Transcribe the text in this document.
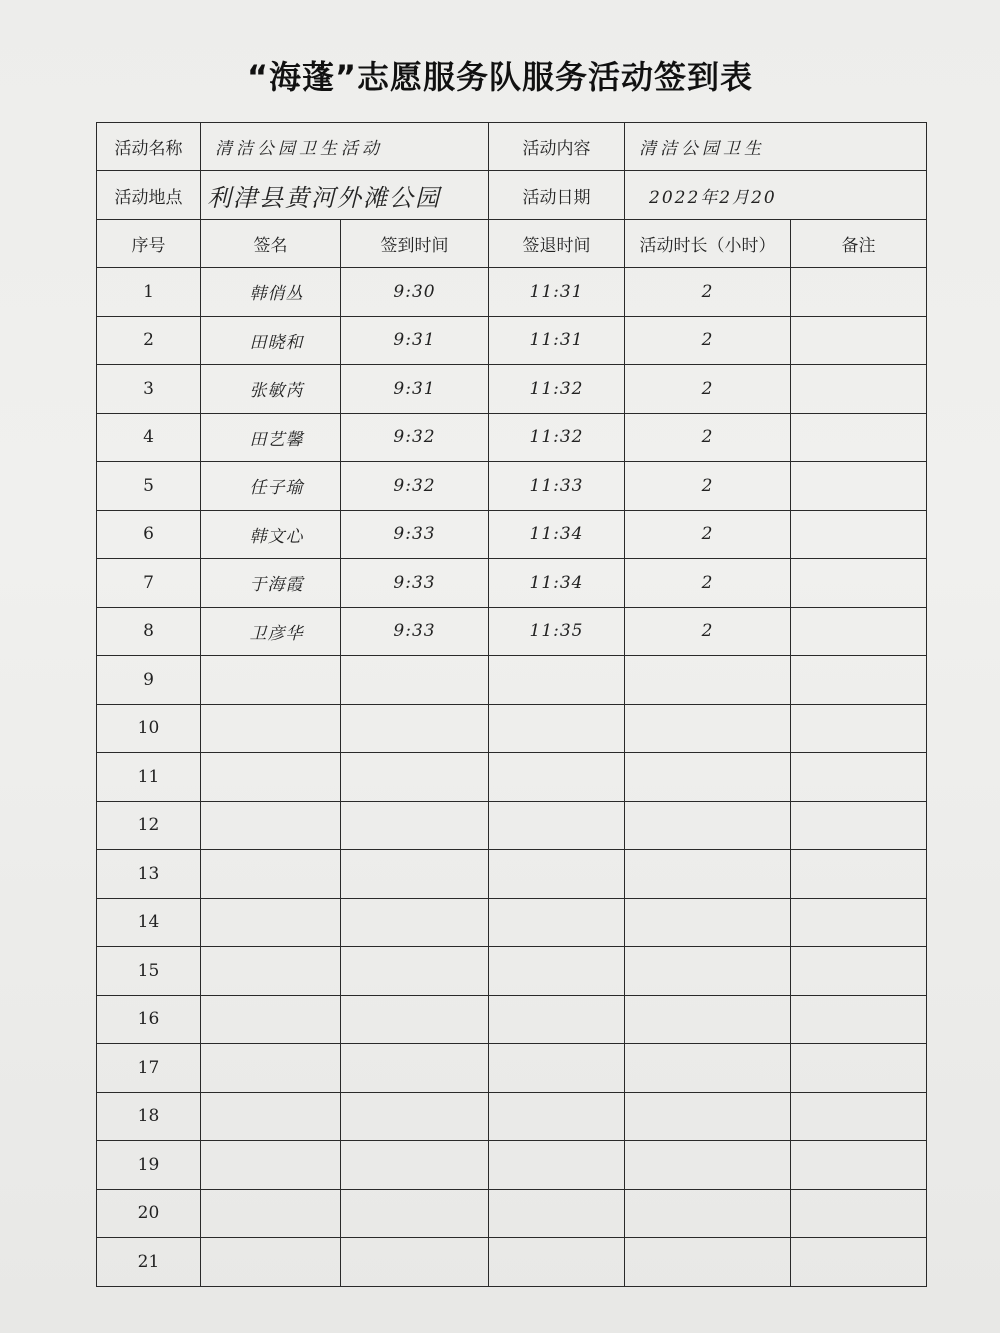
“海蓬”志愿服务队服务活动签到表
活动名称	清洁公园卫生活动		活动内容	清洁公园卫生	
活动地点	利津县黄河外滩公园		活动日期	2022年2月20	
序号	签名	签到时间	签退时间	活动时长（小时）	备注
1	韩俏丛	9:30	11:31	2	
2	田晓和	9:31	11:31	2	
3	张敏芮	9:31	11:32	2	
4	田艺馨	9:32	11:32	2	
5	任子瑜	9:32	11:33	2	
6	韩文心	9:33	11:34	2	
7	于海霞	9:33	11:34	2	
8	卫彦华	9:33	11:35	2	
9					
10					
11					
12					
13					
14					
15					
16					
17					
18					
19					
20					
21					
